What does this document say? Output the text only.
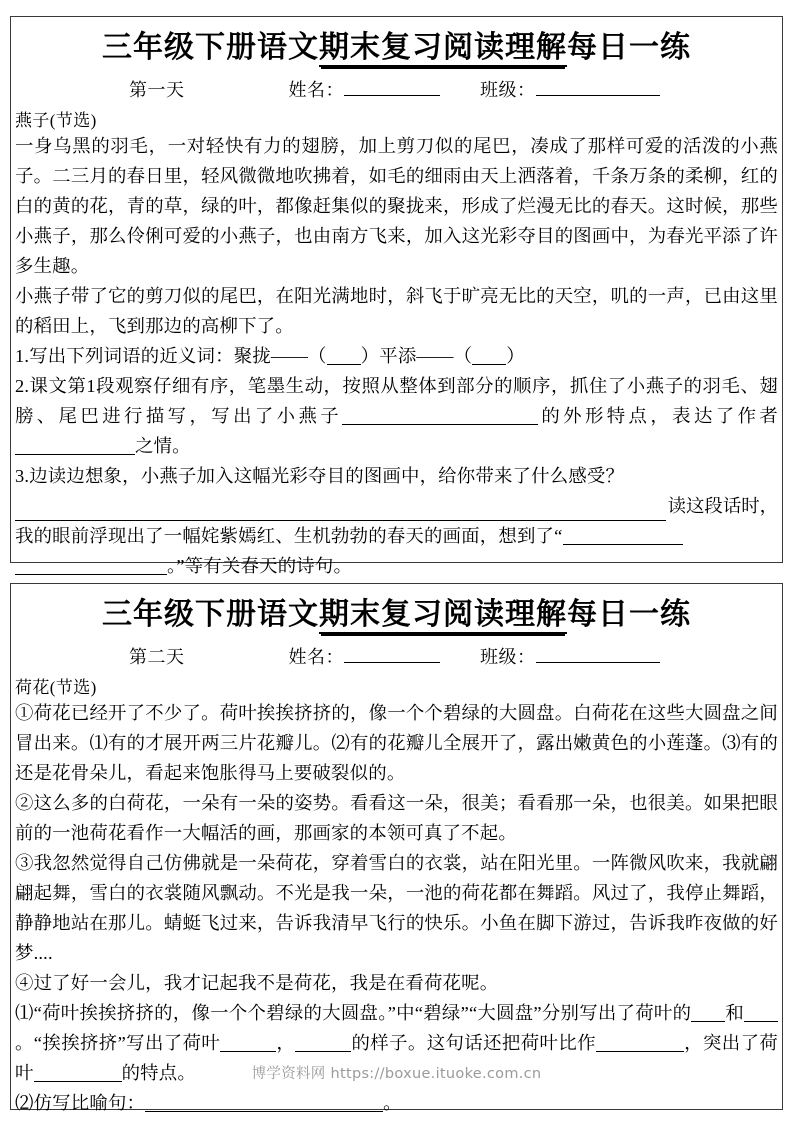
三年级下册语文期末复习阅读理解每日一练
第一天	姓名：	班级：
燕子(节选)

一身乌黑的羽毛，一对轻快有力的翅膀，加上剪刀似的尾巴，凑成了那样可爱的活泼的小燕子。二三月的春日里，轻风微微地吹拂着，如毛的细雨由天上洒落着，千条万条的柔柳，红的白的黄的花，青的草，绿的叶，都像赶集似的聚拢来，形成了烂漫无比的春天。这时候，那些小燕子，那么伶俐可爱的小燕子，也由南方飞来，加入这光彩夺目的图画中，为春光平添了许多生趣。

小燕子带了它的剪刀似的尾巴，在阳光满地时，斜飞于旷亮无比的天空，叽的一声，已由这里的稻田上，飞到那边的高柳下了。

1.写出下列词语的近义词：聚拢——（ ）平添——（ ）

2.课文第1段观察仔细有序，笔墨生动，按照从整体到部分的顺序，抓住了小燕子的羽毛、翅膀、尾巴进行描写，写出了小燕子	的外形特点，表达了作者之情。

3.边读边想象，小燕子加入这幅光彩夺目的图画中，给你带来了什么感受？

读这段话时，

我的眼前浮现出了一幅姹紫嫣红、生机勃勃的春天的画面，想到了“

。”等有关春天的诗句。

三年级下册语文期末复习阅读理解每日一练
第二天	姓名：	班级：
荷花(节选)

①荷花已经开了不少了。荷叶挨挨挤挤的，像一个个碧绿的大圆盘。白荷花在这些大圆盘之间冒出来。⑴有的才展开两三片花瓣儿。⑵有的花瓣儿全展开了，露出嫩黄色的小莲蓬。⑶有的还是花骨朵儿，看起来饱胀得马上要破裂似的。

②这么多的白荷花，一朵有一朵的姿势。看看这一朵，很美；看看那一朵，也很美。如果把眼前的一池荷花看作一大幅活的画，那画家的本领可真了不起。

③我忽然觉得自己仿佛就是一朵荷花，穿着雪白的衣裳，站在阳光里。一阵微风吹来，我就翩翩起舞，雪白的衣裳随风飘动。不光是我一朵，一池的荷花都在舞蹈。风过了，我停止舞蹈，静静地站在那儿。蜻蜓飞过来，告诉我清早飞行的快乐。小鱼在脚下游过，告诉我昨夜做的好梦....

④过了好一会儿，我才记起我不是荷花，我是在看荷花呢。

⑴“荷叶挨挨挤挤的，像一个个碧绿的大圆盘。”中“碧绿”“大圆盘”分别写出了荷叶的 和。“挨挨挤挤”写出了荷叶	，	的样子。这句话还把荷叶比作	，突出了荷叶	的特点。

⑵仿写比喻句：	。

博学资料网 https://boxue.ituoke.com.cn
